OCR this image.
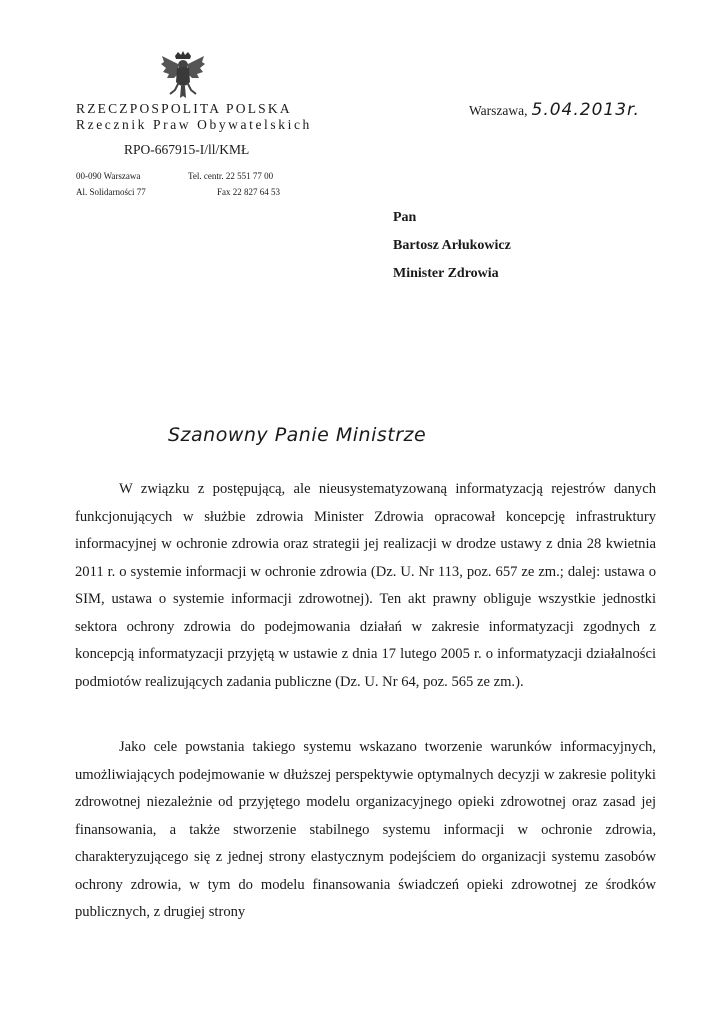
RZECZPOSPOLITA POLSKA
Rzecznik Praw Obywatelskich
RPO-667915-I/ll/KMŁ
00-090 Warszawa
Al. Solidarności 77
Tel. centr. 22 551 77 00
Fax 22 827 64 53
Warszawa, 5.04.2013r.
Pan
Bartosz Arłukowicz
Minister Zdrowia
Szanowny Panie Ministrze

W związku z postępującą, ale nieusystematyzowaną informatyzacją rejestrów danych funkcjonujących w służbie zdrowia Minister Zdrowia opracował koncepcję infrastruktury informacyjnej w ochronie zdrowia oraz strategii jej realizacji w drodze ustawy z dnia 28 kwietnia 2011 r. o systemie informacji w ochronie zdrowia (Dz. U. Nr 113, poz. 657 ze zm.; dalej: ustawa o SIM, ustawa o systemie informacji zdrowotnej). Ten akt prawny obliguje wszystkie jednostki sektora ochrony zdrowia do podejmowania działań w zakresie informatyzacji zgodnych z koncepcją informatyzacji przyjętą w ustawie z dnia 17 lutego 2005 r. o informatyzacji działalności podmiotów realizujących zadania publiczne (Dz. U. Nr 64, poz. 565 ze zm.).

Jako cele powstania takiego systemu wskazano tworzenie warunków informacyjnych, umożliwiających podejmowanie w dłuższej perspektywie optymalnych decyzji w zakresie polityki zdrowotnej niezależnie od przyjętego modelu organizacyjnego opieki zdrowotnej oraz zasad jej finansowania, a także stworzenie stabilnego systemu informacji w ochronie zdrowia, charakteryzującego się z jednej strony elastycznym podejściem do organizacji systemu zasobów ochrony zdrowia, w tym do modelu finansowania świadczeń opieki zdrowotnej ze środków publicznych, z drugiej strony
